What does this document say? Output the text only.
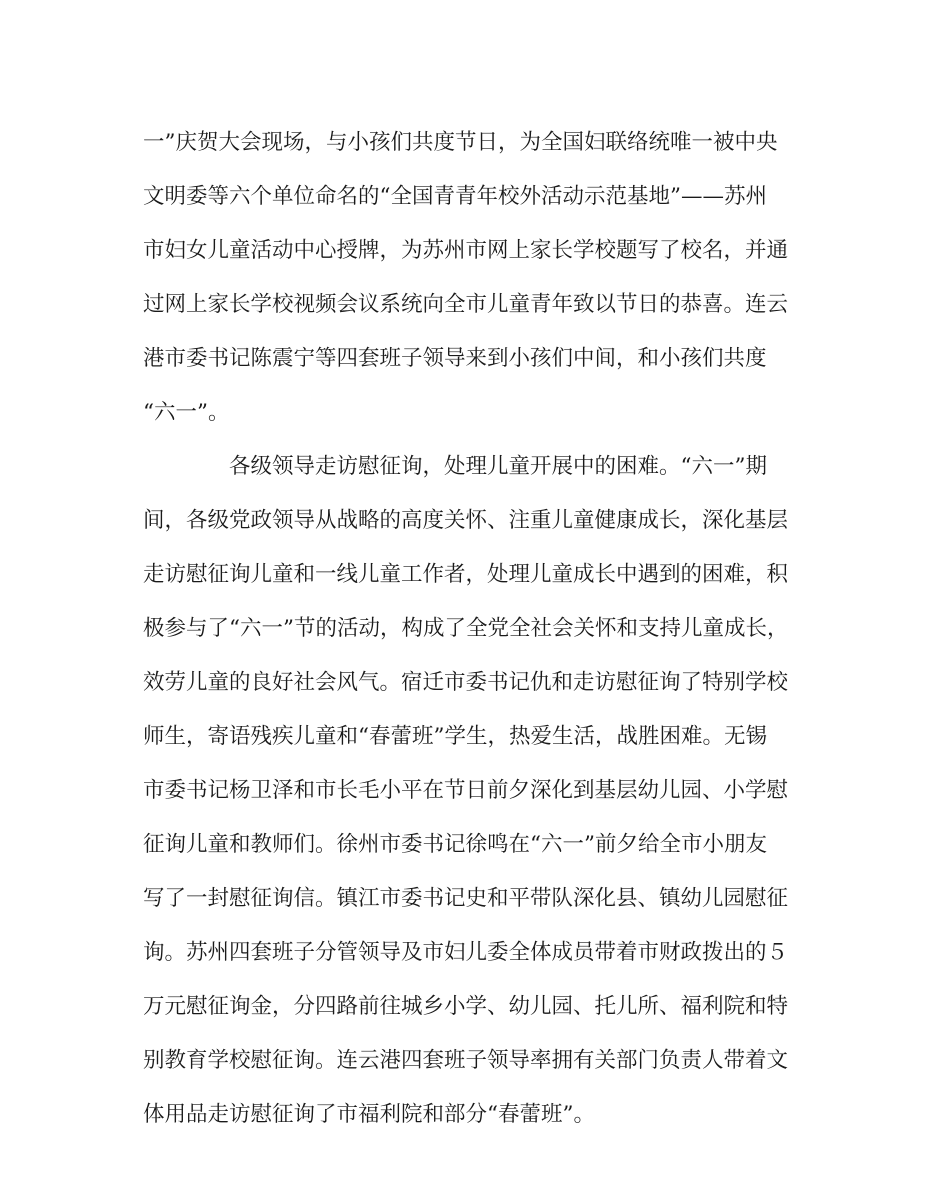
一”庆贺大会现场，与小孩们共度节日，为全国妇联络统唯一被中央
文明委等六个单位命名的“全国青青年校外活动示范基地”——苏州
市妇女儿童活动中心授牌，为苏州市网上家长学校题写了校名，并通
过网上家长学校视频会议系统向全市儿童青年致以节日的恭喜。连云
港市委书记陈震宁等四套班子领导来到小孩们中间，和小孩们共度
“六一”。
各级领导走访慰征询，处理儿童开展中的困难。“六一”期
间，各级党政领导从战略的高度关怀、注重儿童健康成长，深化基层
走访慰征询儿童和一线儿童工作者，处理儿童成长中遇到的困难，积
极参与了“六一”节的活动，构成了全党全社会关怀和支持儿童成长，
效劳儿童的良好社会风气。宿迁市委书记仇和走访慰征询了特别学校
师生，寄语残疾儿童和“春蕾班”学生，热爱生活，战胜困难。无锡
市委书记杨卫泽和市长毛小平在节日前夕深化到基层幼儿园、小学慰
征询儿童和教师们。徐州市委书记徐鸣在“六一”前夕给全市小朋友
写了一封慰征询信。镇江市委书记史和平带队深化县、镇幼儿园慰征
询。苏州四套班子分管领导及市妇儿委全体成员带着市财政拨出的５
万元慰征询金，分四路前往城乡小学、幼儿园、托儿所、福利院和特
别教育学校慰征询。连云港四套班子领导率拥有关部门负责人带着文
体用品走访慰征询了市福利院和部分“春蕾班”。
